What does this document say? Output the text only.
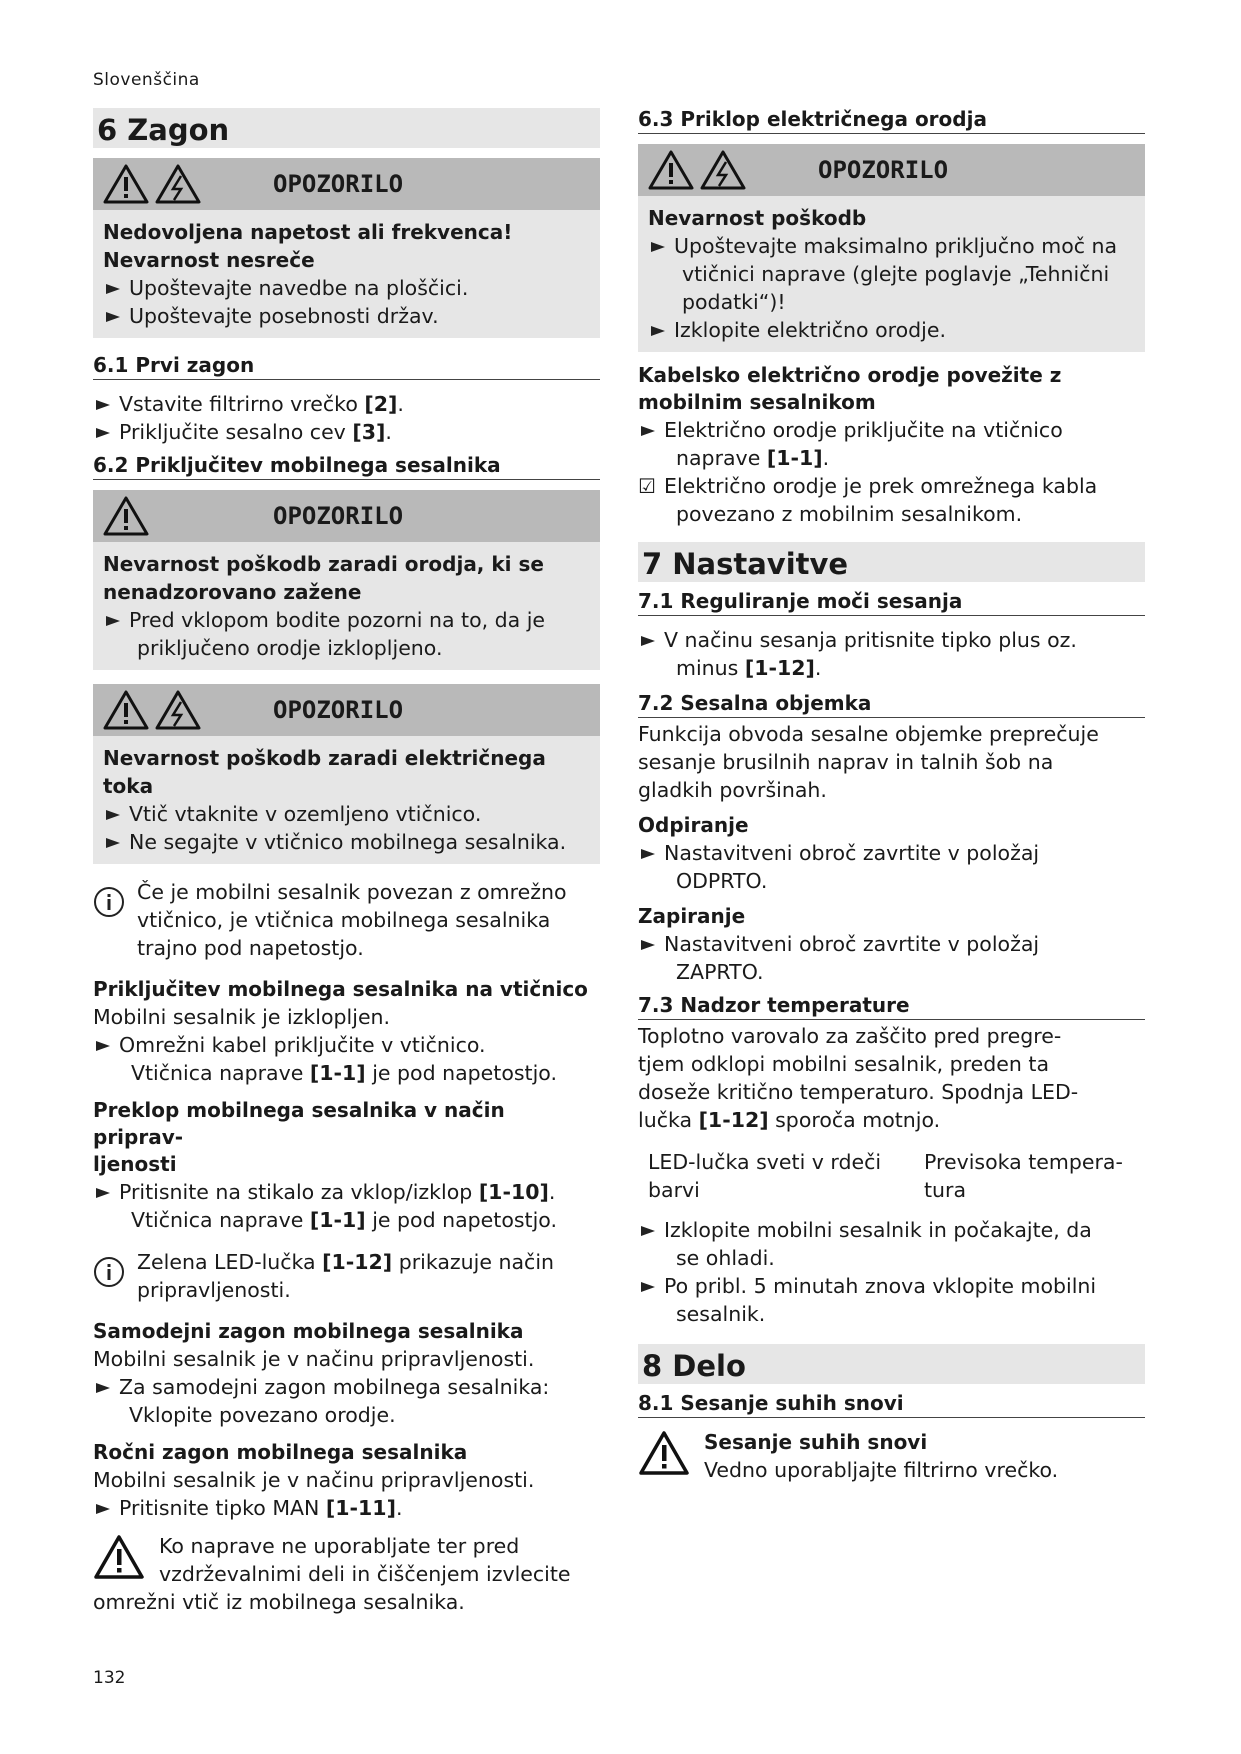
Slovenščina
6 Zagon
OPOZORILO
Nedovoljena napetost ali frekvenca!
Nevarnost nesreče
Upoštevajte navedbe na ploščici.
Upoštevajte posebnosti držav.
6.1 Prvi zagon
Vstavite filtrirno vrečko [2].
Priključite sesalno cev [3].
6.2 Priključitev mobilnega sesalnika
OPOZORILO
Nevarnost poškodb zaradi orodja, ki se
nenadzorovano zažene
Pred vklopom bodite pozorni na to, da je
priključeno orodje izklopljeno.
OPOZORILO
Nevarnost poškodb zaradi električnega toka
Vtič vtaknite v ozemljeno vtičnico.
Ne segajte v vtičnico mobilnega sesalnika.

Če je mobilni sesalnik povezan z omrežno

vtičnico, je vtičnica mobilnega sesalnika

trajno pod napetostjo.

Priključitev mobilnega sesalnika na vtičnico

Mobilni sesalnik je izklopljen.

Omrežni kabel priključite v vtičnico.

Vtičnica naprave [1-1] je pod napetostjo.

Preklop mobilnega sesalnika v način priprav-
ljenosti
Pritisnite na stikalo za vklop/izklop [1-10].

Vtičnica naprave [1-1] je pod napetostjo.

Zelena LED-lučka [1-12] prikazuje način

pripravljenosti.

Samodejni zagon mobilnega sesalnika

Mobilni sesalnik je v načinu pripravljenosti.

Za samodejni zagon mobilnega sesalnika:
Vklopite povezano orodje.
Ročni zagon mobilnega sesalnika

Mobilni sesalnik je v načinu pripravljenosti.

Pritisnite tipko MAN [1-11].

Ko naprave ne uporabljate ter pred

vzdrževalnimi deli in čiščenjem izvlecite

omrežni vtič iz mobilnega sesalnika.

6.3 Priklop električnega orodja
OPOZORILO
Nevarnost poškodb
Upoštevajte maksimalno priključno moč na
vtičnici naprave (glejte poglavje „Tehnični
podatki“)!
Izklopite električno orodje.
Kabelsko električno orodje povežite z
mobilnim sesalnikom
Električno orodje priključite na vtičnico
naprave [1-1].
☑ Električno orodje je prek omrežnega kabla
povezano z mobilnim sesalnikom.
7 Nastavitve
7.1 Reguliranje moči sesanja
V načinu sesanja pritisnite tipko plus oz.
minus [1-12].
7.2 Sesalna objemka

Funkcija obvoda sesalne objemke preprečuje

sesanje brusilnih naprav in talnih šob na

gladkih površinah.

Odpiranje
Nastavitveni obroč zavrtite v položaj
ODPRTO.
Zapiranje
Nastavitveni obroč zavrtite v položaj
ZAPRTO.
7.3 Nadzor temperature

Toplotno varovalo za zaščito pred pregre-

tjem odklopi mobilni sesalnik, preden ta

doseže kritično temperaturo. Spodnja LED-

lučka [1-12] sporoča motnjo.

LED-lučka sveti v rdeči
barvi
Previsoka tempera-
tura
Izklopite mobilni sesalnik in počakajte, da
se ohladi.
Po pribl. 5 minutah znova vklopite mobilni
sesalnik.
8 Delo
8.1 Sesanje suhih snovi
Sesanje suhih snovi

Vedno uporabljajte filtrirno vrečko.

132
